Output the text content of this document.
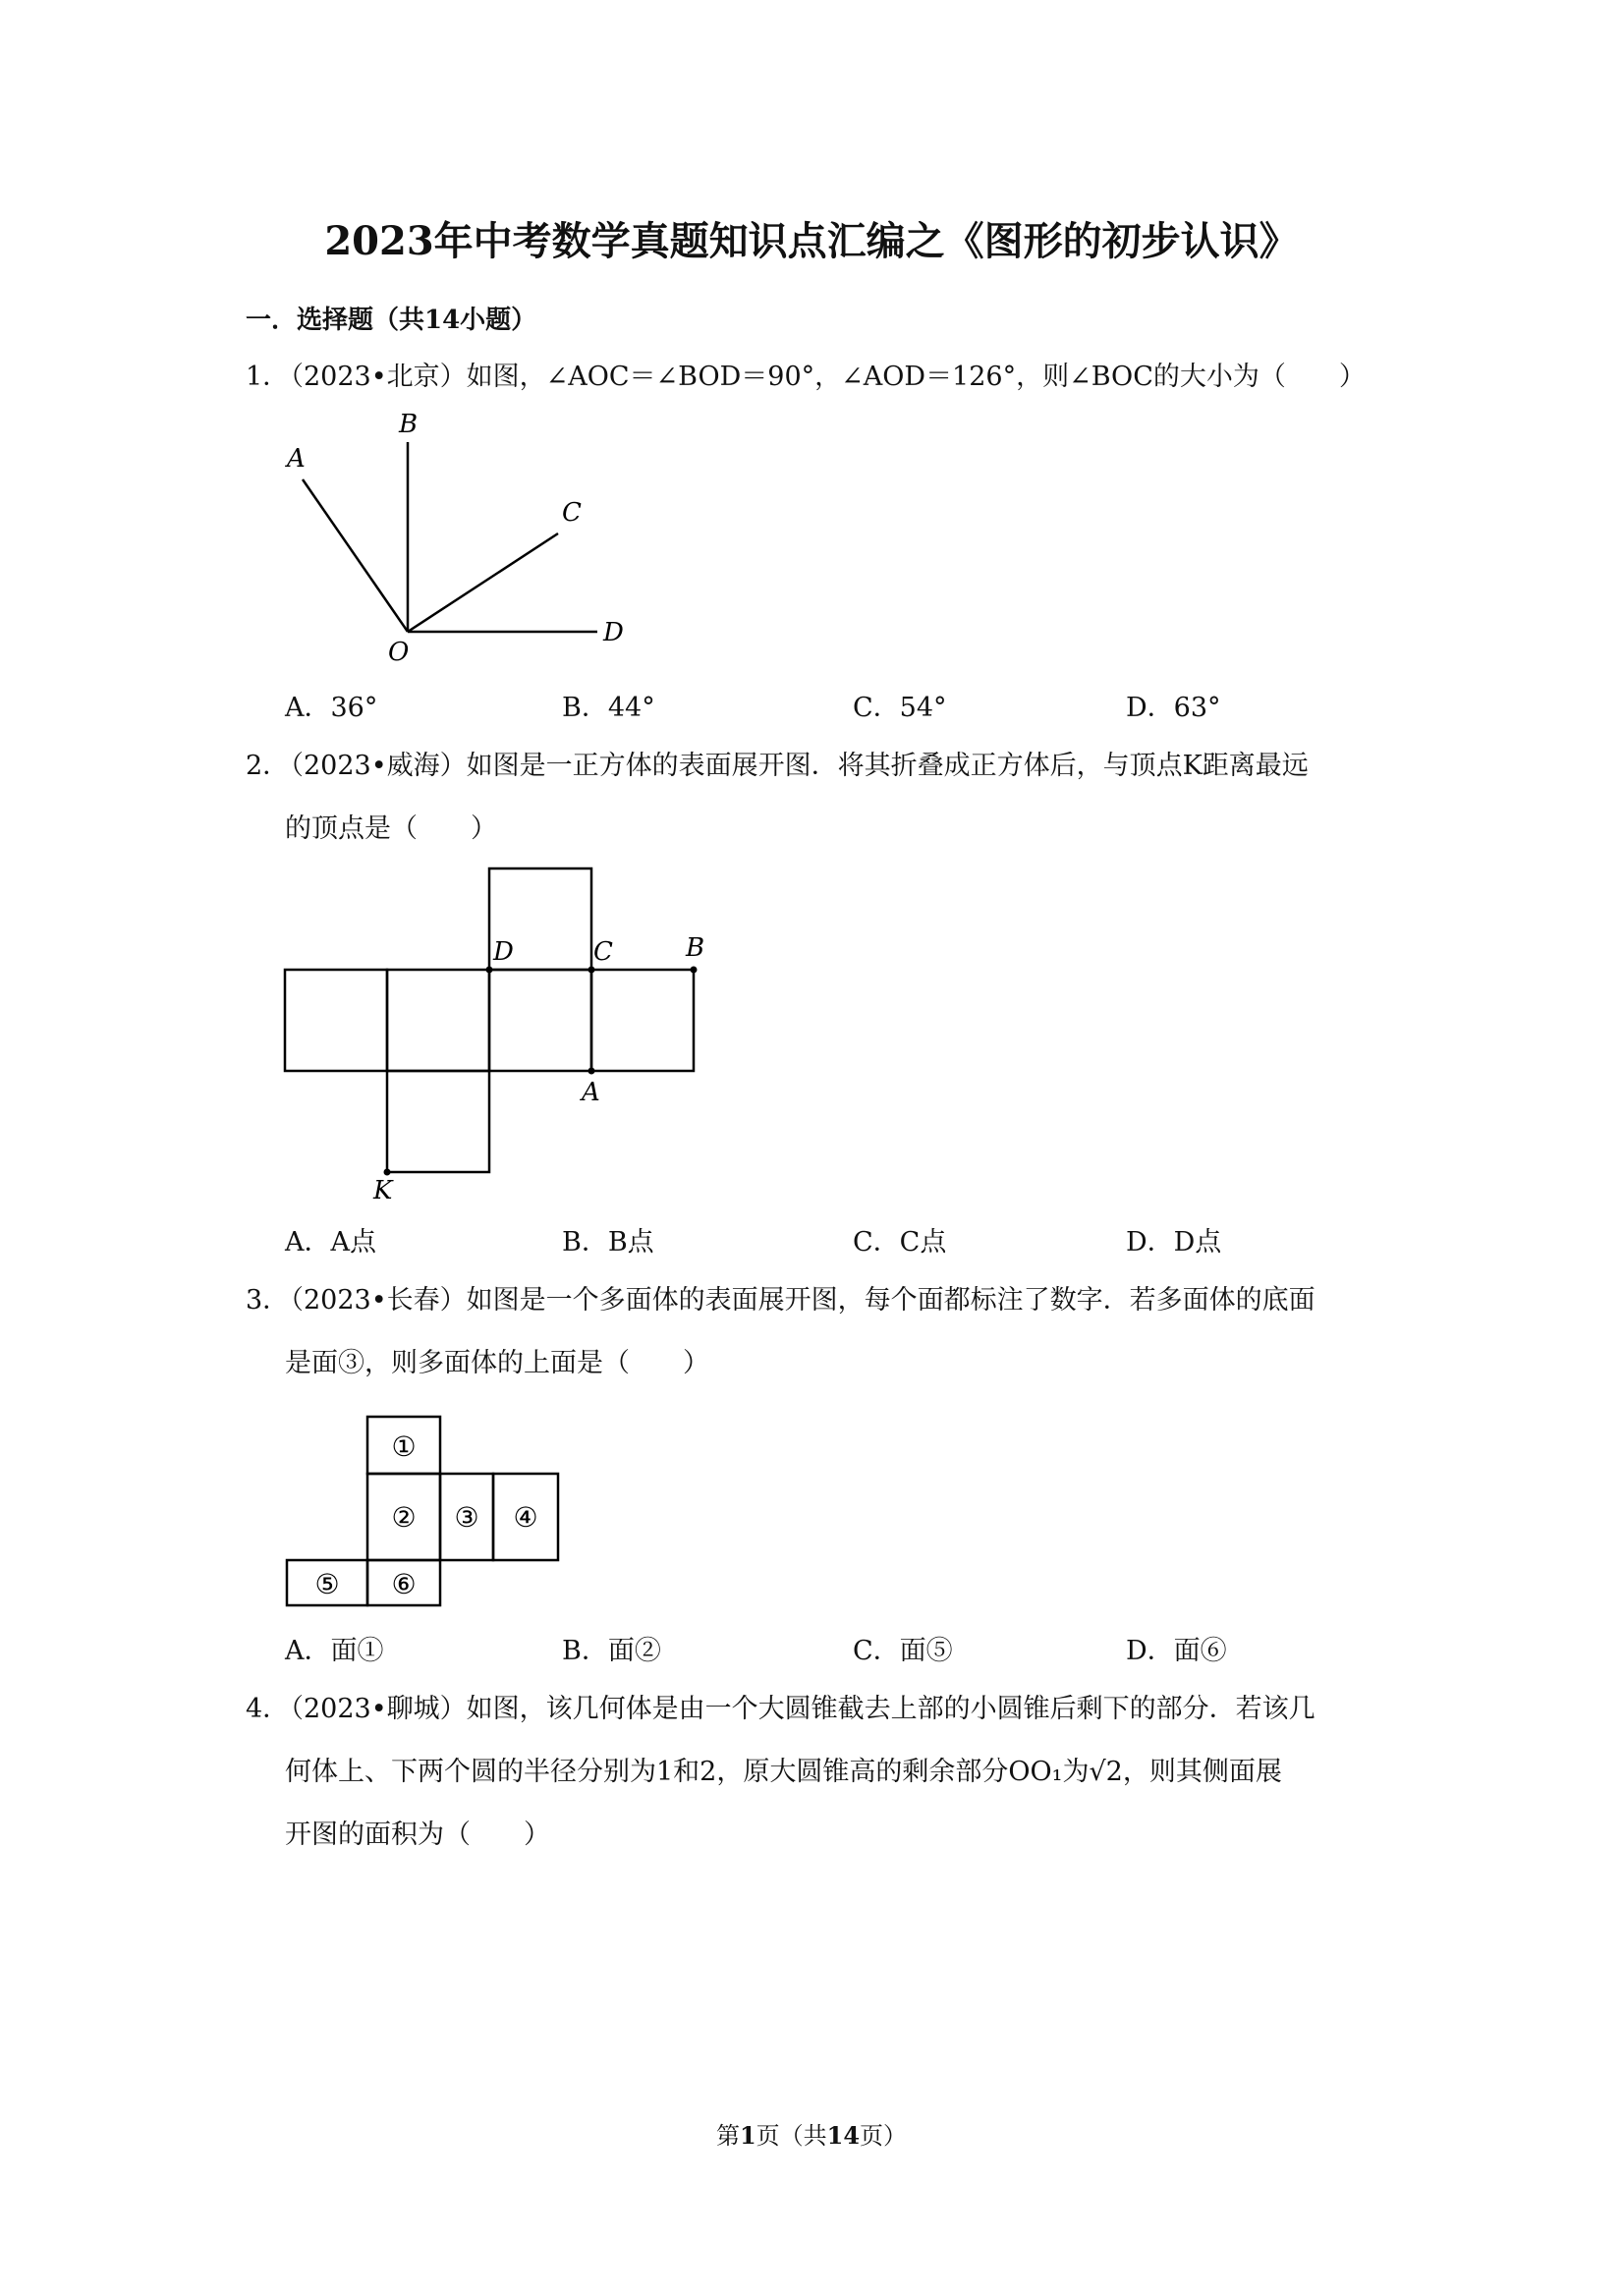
2023年中考数学真题知识点汇编之《图形的初步认识》
一．选择题（共14小题）
1．
（2023•北京）如图，∠AOC＝∠BOD＝90°，∠AOD＝126°，则∠BOC的大小为（　　）
A
B
C
D
O
A．36°	B．44°	C．54°	D．63°
2．
（2023•威海）如图是一正方体的表面展开图．将其折叠成正方体后，与顶点K距离最远
的顶点是（　　）
D	C	B
A
K
A．A点	B．B点	C．C点	D．D点
3．
（2023•长春）如图是一个多面体的表面展开图，每个面都标注了数字．若多面体的底面
是面③，则多面体的上面是（　　）
①
② ③ ④
⑤ ⑥
A．面①	B．面②	C．面⑤	D．面⑥
4．
（2023•聊城）如图，该几何体是由一个大圆锥截去上部的小圆锥后剩下的部分．若该几
何体上、下两个圆的半径分别为1和2，原大圆锥高的剩余部分OO₁为√2，则其侧面展
开图的面积为（　　）
第1页（共14页）
